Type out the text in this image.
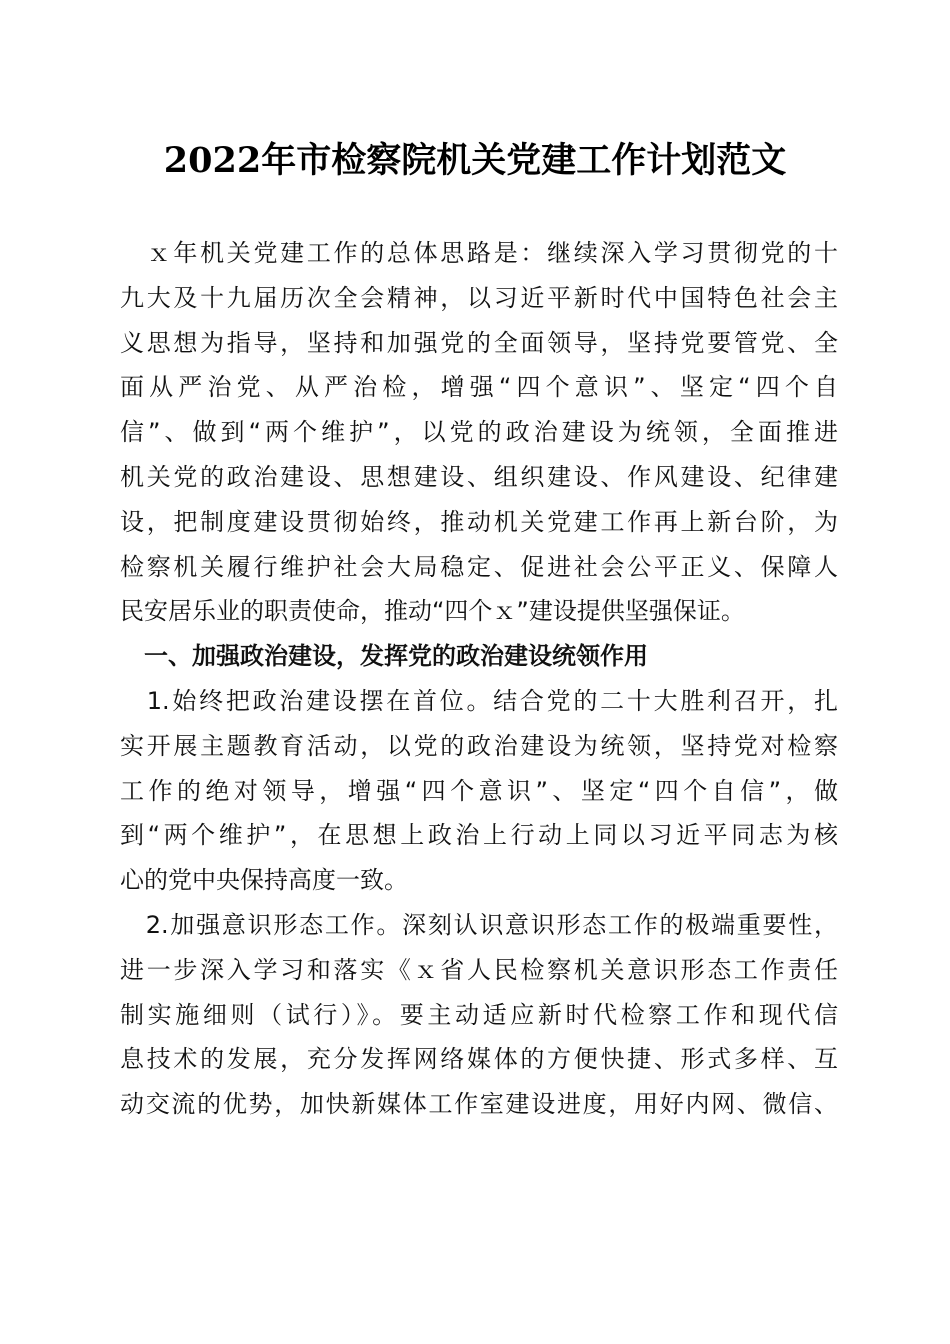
2022年市检察院机关党建工作计划范文
　ｘ年机关党建工作的总体思路是：继续深入学习贯彻党的十
九大及十九届历次全会精神，以习近平新时代中国特色社会主
义思想为指导，坚持和加强党的全面领导，坚持党要管党、全
面从严治党、从严治检，增强“四个意识”、坚定“四个自
信”、做到“两个维护”，以党的政治建设为统领，全面推进
机关党的政治建设、思想建设、组织建设、作风建设、纪律建
设，把制度建设贯彻始终，推动机关党建工作再上新台阶，为
检察机关履行维护社会大局稳定、促进社会公平正义、保障人
民安居乐业的职责使命，推动“四个ｘ”建设提供坚强保证。
　一、加强政治建设，发挥党的政治建设统领作用
　1.始终把政治建设摆在首位。结合党的二十大胜利召开，扎
实开展主题教育活动，以党的政治建设为统领，坚持党对检察
工作的绝对领导，增强“四个意识”、坚定“四个自信”，做
到“两个维护”，在思想上政治上行动上同以习近平同志为核
心的党中央保持高度一致。
　2.加强意识形态工作。深刻认识意识形态工作的极端重要性，
进一步深入学习和落实《ｘ省人民检察机关意识形态工作责任
制实施细则（试行）》。要主动适应新时代检察工作和现代信
息技术的发展，充分发挥网络媒体的方便快捷、形式多样、互
动交流的优势，加快新媒体工作室建设进度，用好内网、微信、
